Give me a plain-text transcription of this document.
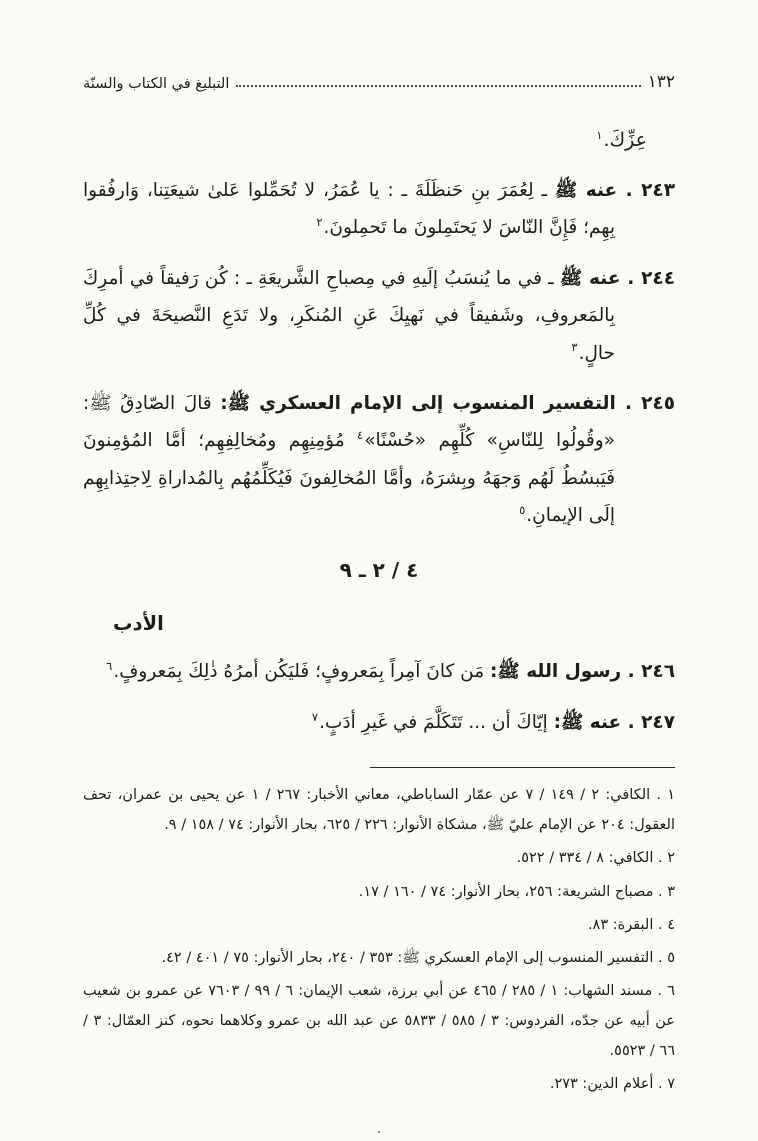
١٣٢
التبليغ في الكتاب والسنّة

عِزِّكَ.$^١$

٢٤٣ . عنه ﷺ ـ لِعُمَرَ بنِ حَنظَلَةَ ـ : يا عُمَرُ، لا تُحَمِّلوا عَلىٰ شيعَتِنا، وَارفُقوا بِهِم؛ فَإِنَّ النّاسَ لا يَحتَمِلونَ ما تَحمِلونَ.$^٢$

٢٤٤ . عنه ﷺ ـ في ما يُنسَبُ إلَيهِ في مِصباحِ الشَّريعَةِ ـ : كُن رَفيقاً في أمرِكَ بِالمَعروفِ، وشَفيقاً في نَهيِكَ عَنِ المُنكَرِ، ولا تَدَعِ النَّصيحَةَ في كُلِّ حالٍ.$^٣$

٢٤٥ . التفسير المنسوب إلى الإمام العسكري ﷺ: قالَ الصّادِقُ ﷺ: «وقُولُوا لِلنّاسِ» كُلِّهِم «حُسْنًا»$^٤$ مُؤمِنِهِم ومُخالِفِهِم؛ أمَّا المُؤمِنونَ فَيَبسُطُ لَهُم وَجهَهُ وبِشرَهُ، وأمَّا المُخالِفونَ فَيُكَلِّمُهُم بِالمُداراةِ لِاجتِذابِهِم إلَى الإيمانِ.$^٥$

٤ / ٢ ـ ٩
الأدب

٢٤٦ . رسول الله ﷺ: مَن كانَ آمِراً بِمَعروفٍ؛ فَليَكُن أمرُهُ ذٰلِكَ بِمَعروفٍ.$^٦$

٢٤٧ . عنه ﷺ: إيّاكَ أن ... تَتَكَلَّمَ في غَيرِ أدَبٍ.$^٧$

١ . الكافي: ٢ / ١٤٩ / ٧ عن عمّار الساباطي، معاني الأخبار: ٢٦٧ / ١ عن يحيى بن عمران، تحف العقول: ٢٠٤ عن الإمام عليّ ﷺ، مشكاة الأنوار: ٢٢٦ / ٦٢٥، بحار الأنوار: ٧٤ / ١٥٨ / ٩.
٢ . الكافي: ٨ / ٣٣٤ / ٥٢٢.
٣ . مصباح الشريعة: ٢٥٦، بحار الأنوار: ٧٤ / ١٦٠ / ١٧.
٤ . البقرة: ٨٣.
٥ . التفسير المنسوب إلى الإمام العسكري ﷺ: ٣٥٣ / ٢٤٠، بحار الأنوار: ٧٥ / ٤٠١ / ٤٢.
٦ . مسند الشهاب: ١ / ٢٨٥ / ٤٦٥ عن أبي برزة، شعب الإيمان: ٦ / ٩٩ / ٧٦٠٣ عن عمرو بن شعيب عن أبيه عن جدّه، الفردوس: ٣ / ٥٨٥ / ٥٨٣٣ عن عبد الله بن عمرو وكلاهما نحوه، كنز العمّال: ٣ / ٦٦ / ٥٥٢٣.
٧ . أعلام الدين: ٢٧٣.
·
